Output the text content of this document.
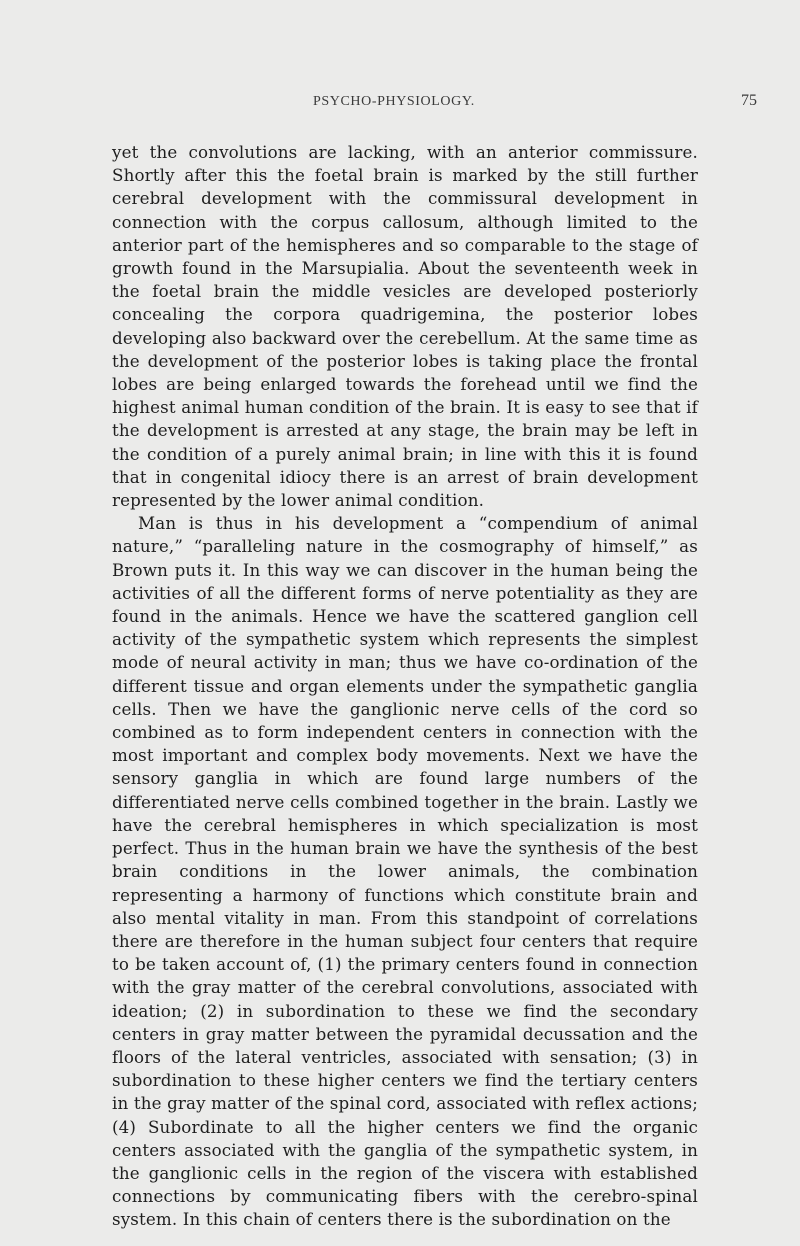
PSYCHO-PHYSIOLOGY.	75

yet the convolutions are lacking, with an anterior commissure. Shortly after this the foetal brain is marked by the still further cerebral development with the commissural development in connection with the corpus callosum, although limited to the anterior part of the hemispheres and so comparable to the stage of growth found in the Marsupialia. About the seventeenth week in the foetal brain the middle vesicles are developed posteriorly concealing the corpora quadrigemina, the posterior lobes developing also backward over the cerebellum. At the same time as the development of the posterior lobes is taking place the frontal lobes are being enlarged towards the forehead until we find the highest animal human condition of the brain. It is easy to see that if the development is arrested at any stage, the brain may be left in the condition of a purely animal brain; in line with this it is found that in congenital idiocy there is an arrest of brain development represented by the lower animal condition.

Man is thus in his development a “compendium of animal nature,” “paralleling nature in the cosmography of himself,” as Brown puts it. In this way we can discover in the human being the activities of all the different forms of nerve potentiality as they are found in the animals. Hence we have the scattered ganglion cell activity of the sympathetic system which represents the simplest mode of neural activity in man; thus we have co-ordination of the different tissue and organ elements under the sympathetic ganglia cells. Then we have the ganglionic nerve cells of the cord so combined as to form independent centers in connection with the most important and complex body movements. Next we have the sensory ganglia in which are found large numbers of the differentiated nerve cells combined together in the brain. Lastly we have the cerebral hemispheres in which specialization is most perfect. Thus in the human brain we have the synthesis of the best brain conditions in the lower animals, the combination representing a harmony of functions which constitute brain and also mental vitality in man. From this standpoint of correlations there are therefore in the human subject four centers that require to be taken account of, (1) the primary centers found in connection with the gray matter of the cerebral convolutions, associated with ideation; (2) in subordination to these we find the secondary centers in gray matter between the pyramidal decussation and the floors of the lateral ventricles, associated with sensation; (3) in subordination to these higher centers we find the tertiary centers in the gray matter of the spinal cord, associated with reflex actions; (4) Subordinate to all the higher centers we find the organic centers associated with the ganglia of the sympathetic system, in the ganglionic cells in the region of the viscera with established connections by communicating fibers with the cerebro-spinal system. In this chain of centers there is the subordination on the
